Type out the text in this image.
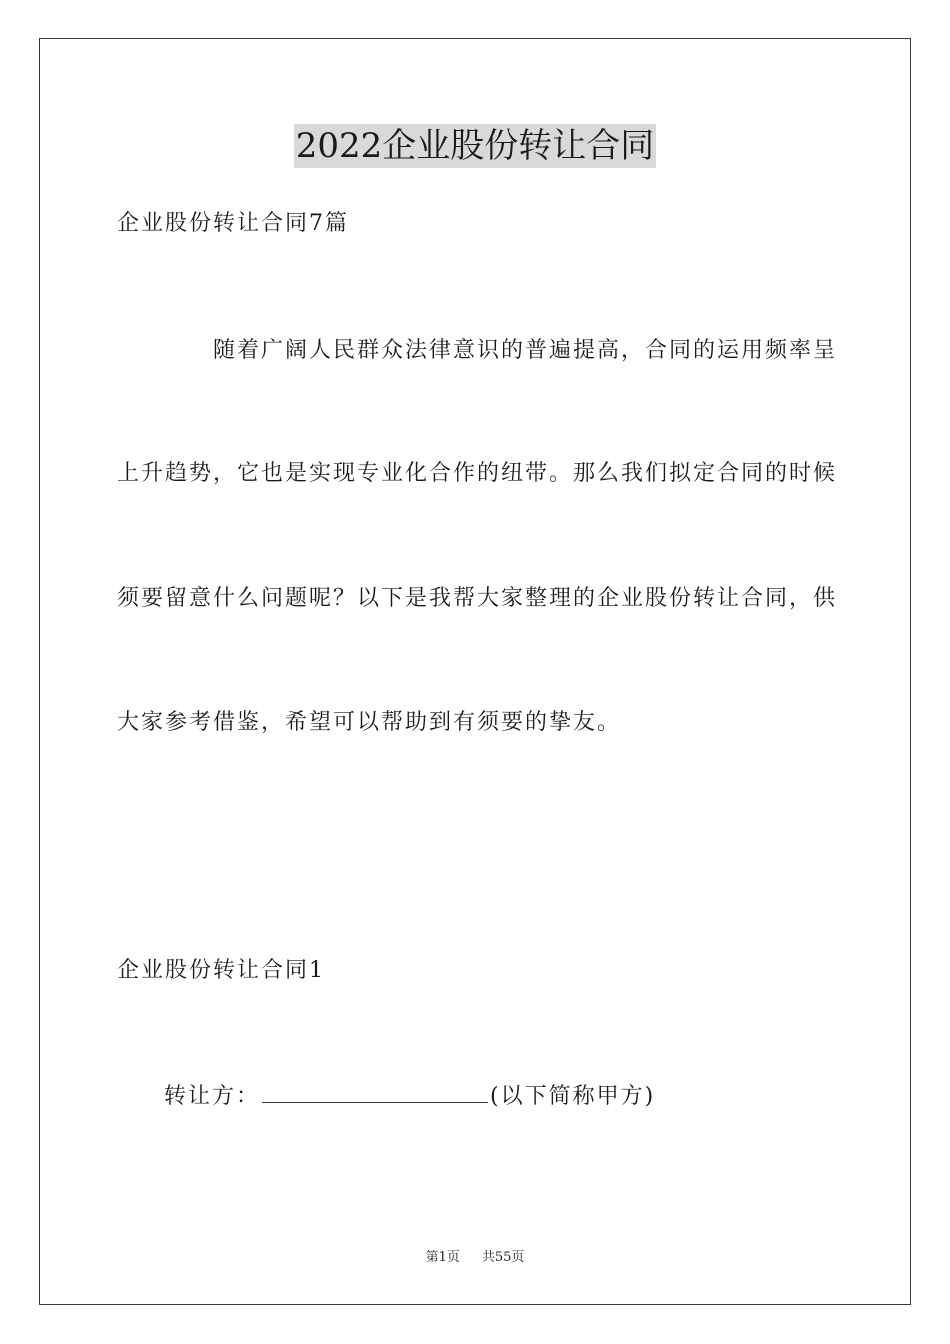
2022企业股份转让合同
企业股份转让合同7篇
随着广阔人民群众法律意识的普遍提高，合同的运用频率呈
上升趋势，它也是实现专业化合作的纽带。那么我们拟定合同的时候
须要留意什么问题呢？以下是我帮大家整理的企业股份转让合同，供
大家参考借鉴，希望可以帮助到有须要的挚友。
企业股份转让合同1
转让方：	(以下简称甲方)
第1页 共55页
